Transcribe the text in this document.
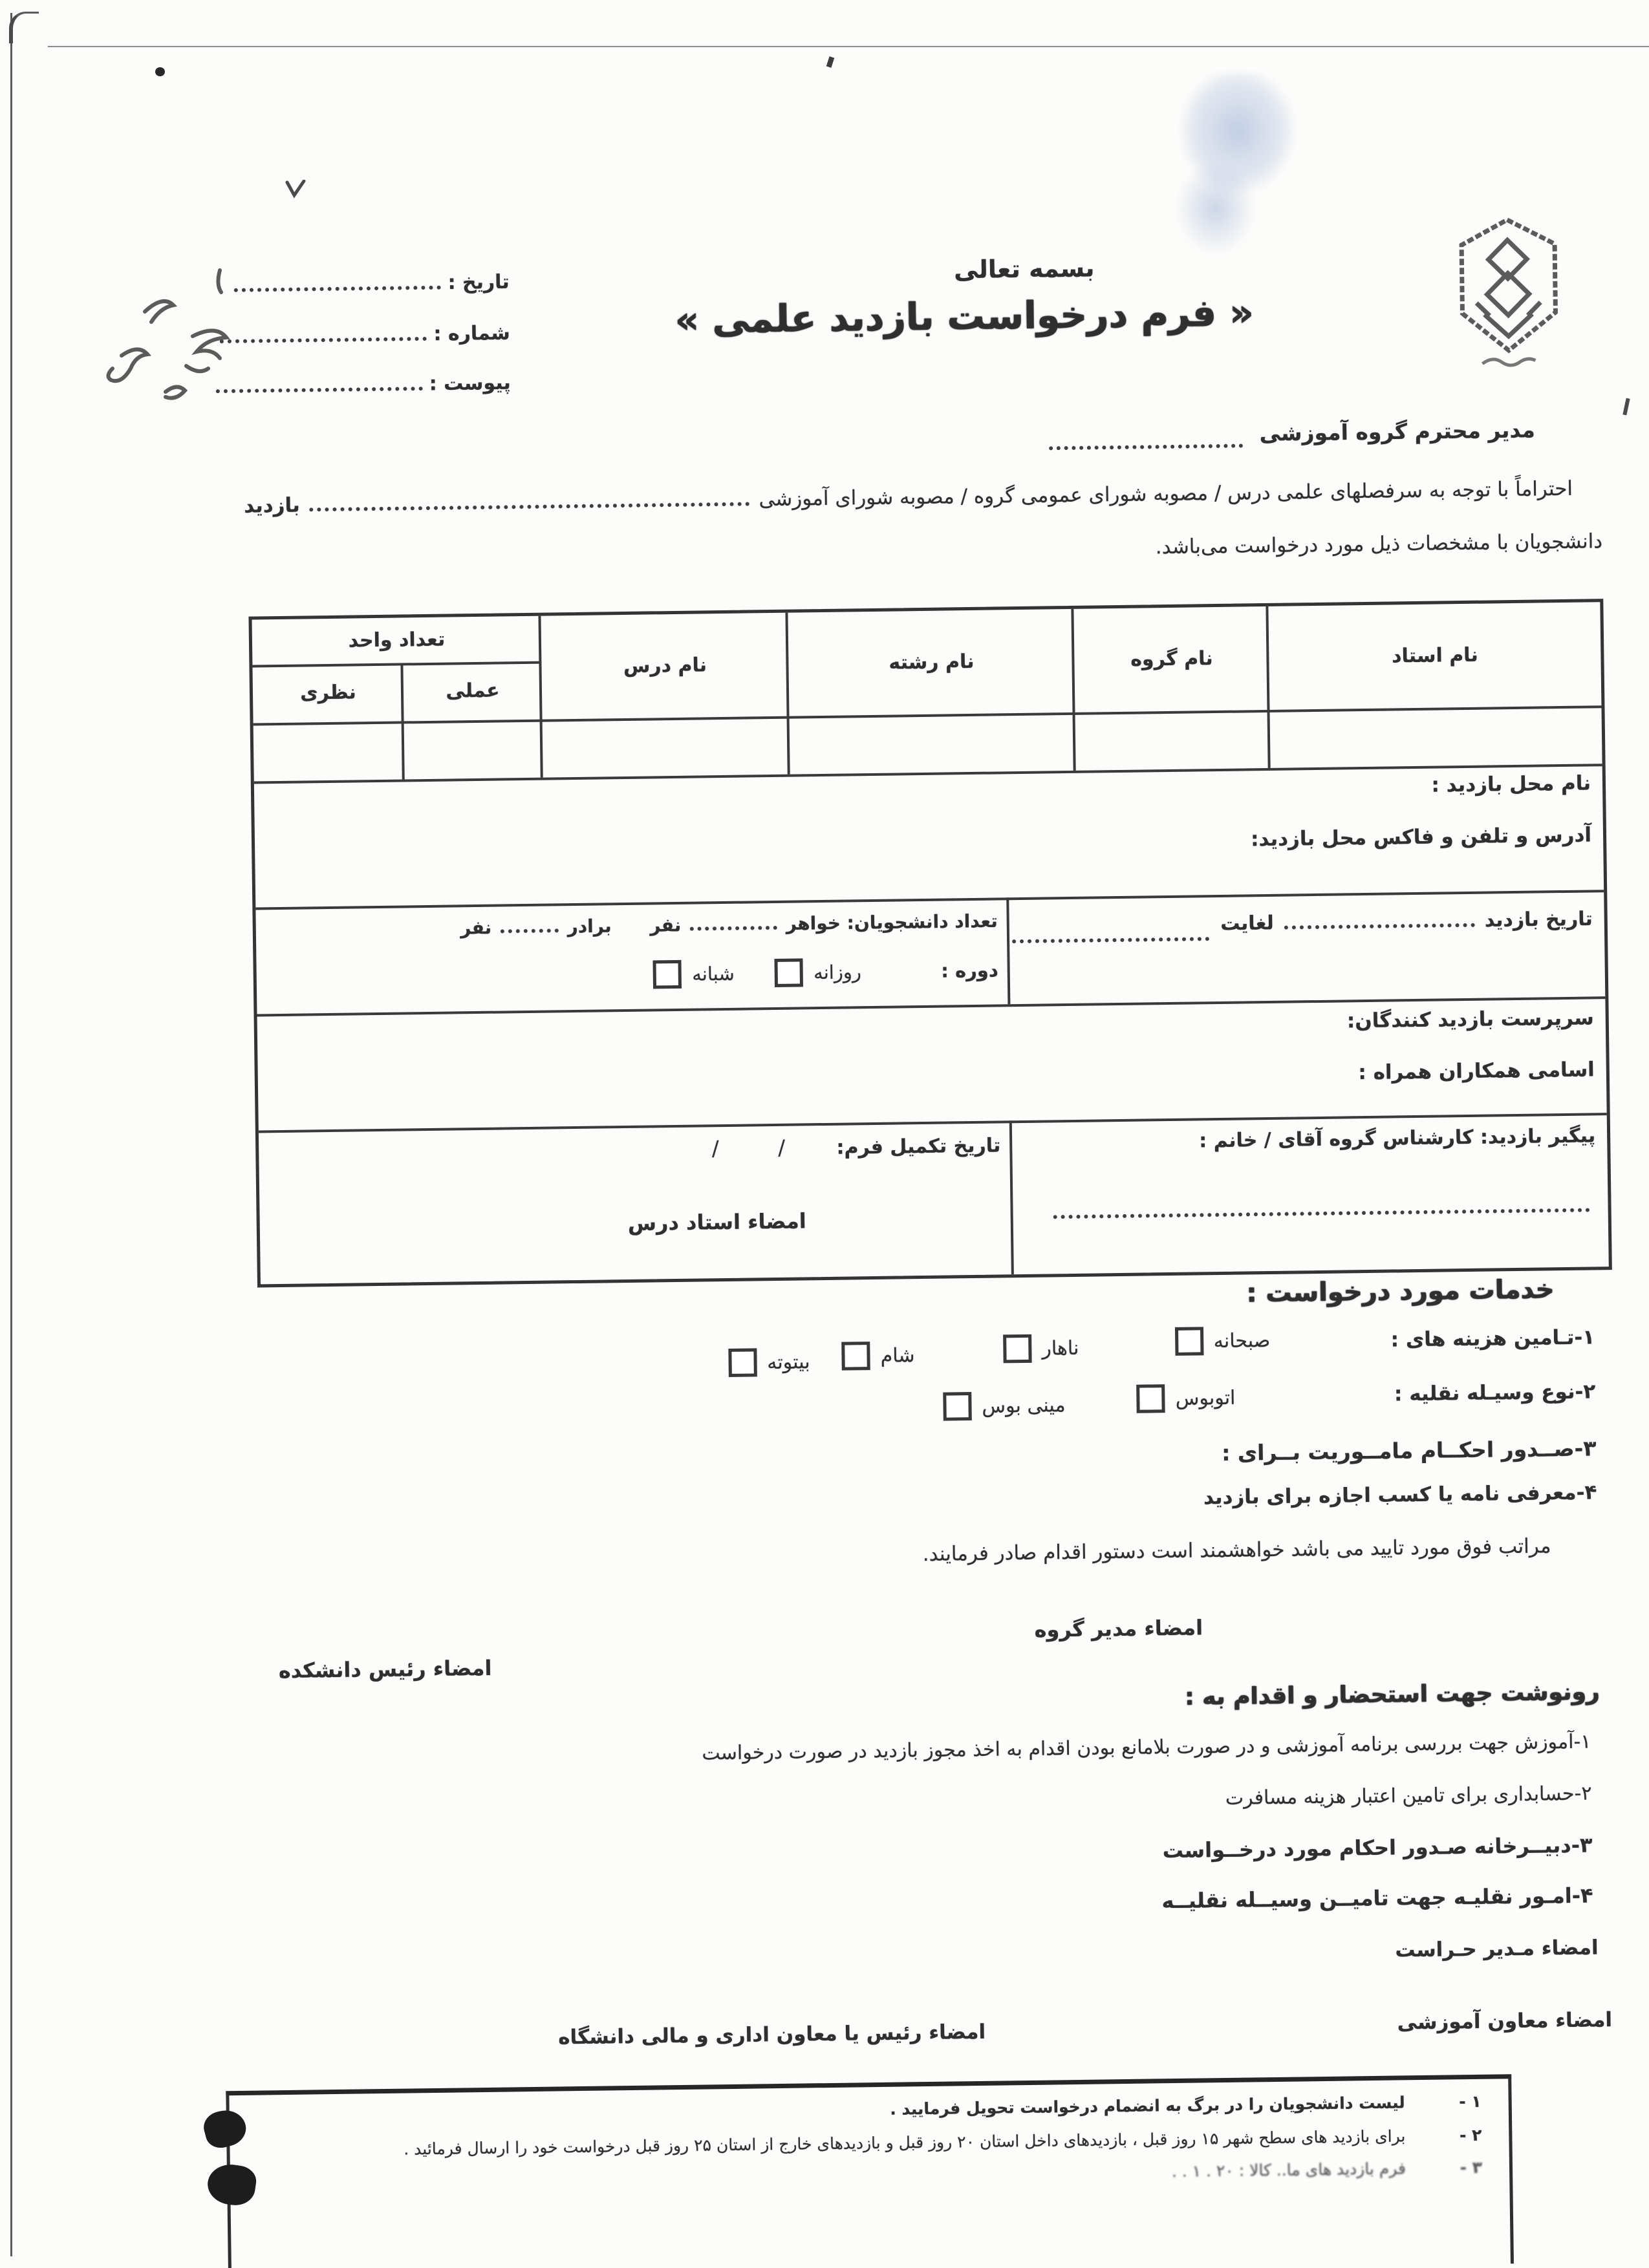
بسمه تعالی
« فرم درخواست بازدید علمی »
تاریخ :
شماره :
پیوست :
مدیر محترم گروه آموزشی
احتراماً با توجه به سرفصلهای علمی درس / مصوبه شورای عمومی گروه / مصوبه شورای آموزشی
بازدید
دانشجویان با مشخصات ذیل مورد درخواست می‌باشد.
نام استاد
نام گروه
نام رشته
نام درس
تعداد واحد
عملی
نظری
نام محل بازدید :
آدرس و تلفن و فاکس محل بازدید:
تاریخ بازدید  لغایت
تعداد دانشجویان: خواهر  نفر  برادر  نفر
دوره :
روزانه

شبانه
سرپرست بازدید کنندگان:
اسامی همکاران همراه :
پیگیر بازدید: کارشناس گروه آقای / خانم :
تاریخ تکمیل فرم: /         /
امضاء استاد درس
خدمات مورد درخواست :
۱-تـامین هزینه های :
صبحانه
ناهار
شام
بیتوته
۲-نوع وسیـله نقلیه :
اتوبوس
مینی بوس
۳-صــدور احکــام مامــوریت بــرای :
۴-معرفی نامه یا کسب اجازه برای بازدید
مراتب فوق مورد تایید می باشد خواهشمند است دستور اقدام صادر فرمایند.
امضاء مدیر گروه
امضاء رئیس دانشکده
رونوشت جهت استحضار و اقدام به :
۱-آموزش جهت بررسی برنامه آموزشی و در صورت بلامانع بودن اقدام به اخذ مجوز بازدید در صورت درخواست
۲-حسابداری برای تامین اعتبار هزینه مسافرت
۳-دبیــرخانه صـدور احکام مورد درخــواست
۴-امـور نقلیـه جهت تامیــن وسیــله نقلیــه
امضاء مـدیر حـراست
امضاء معاون آموزشی
امضاء رئیس یا معاون اداری و مالی دانشگاه
۱ -
لیست دانشجویان را در برگ به انضمام درخواست تحویل فرمایید .
۲ -
برای بازدید های سطح شهر ۱۵ روز قبل ، بازدیدهای داخل استان ۲۰ روز قبل و بازدیدهای خارج از استان ۲۵ روز قبل درخواست خود را ارسال فرمائید .
۳ -
فرم بازدید های ما.. کالا : ۲۰ . ۱ . .
